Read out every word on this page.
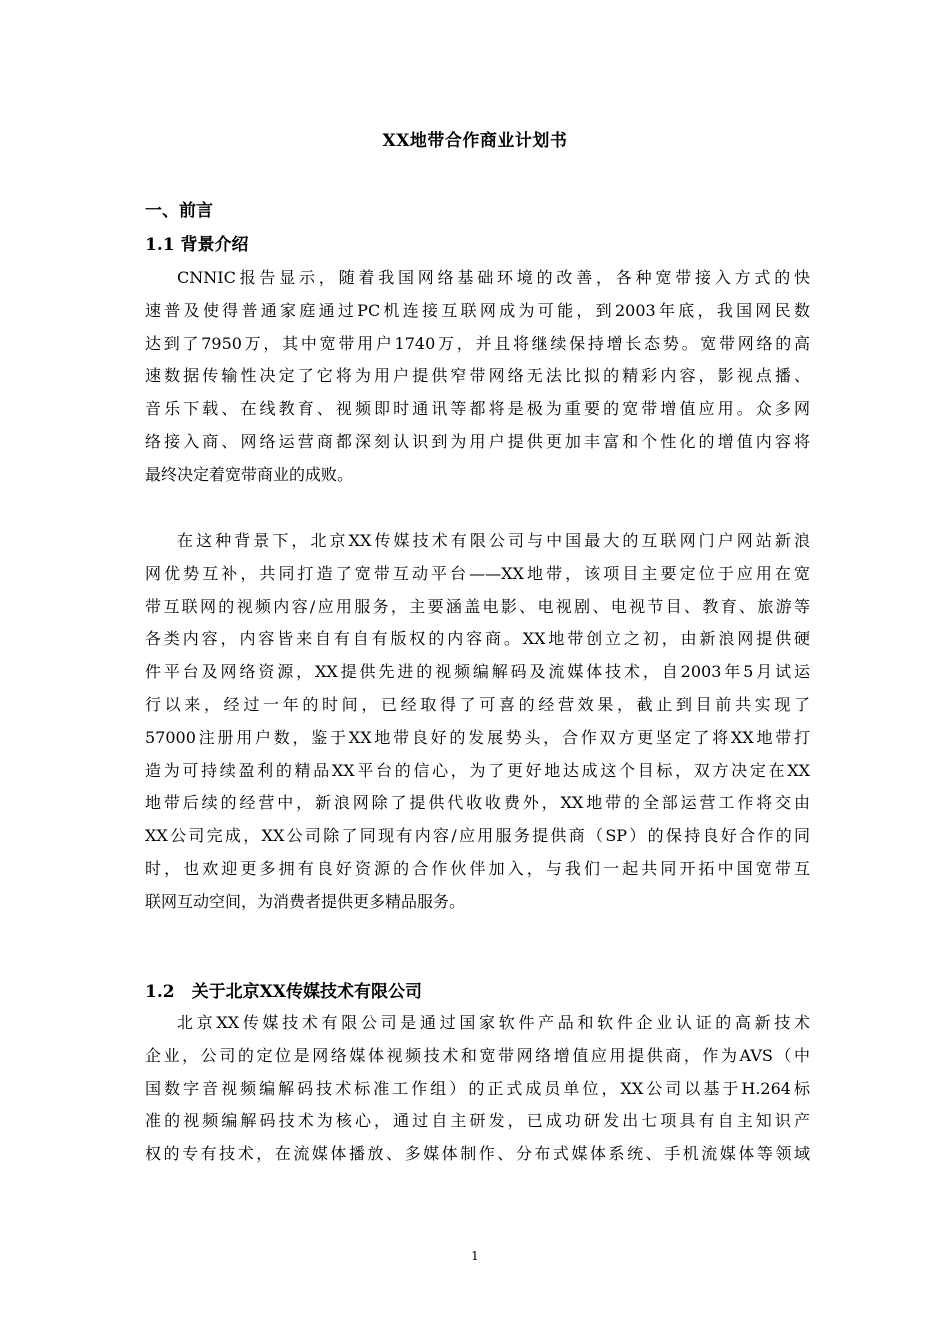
XX地带合作商业计划书
一、前言
1.1 背景介绍
CNNIC报告显示，随着我国网络基础环境的改善，各种宽带接入方式的快
速普及使得普通家庭通过PC机连接互联网成为可能，到2003年底，我国网民数
达到了7950万，其中宽带用户1740万，并且将继续保持增长态势。宽带网络的高
速数据传输性决定了它将为用户提供窄带网络无法比拟的精彩内容，影视点播、
音乐下载、在线教育、视频即时通讯等都将是极为重要的宽带增值应用。众多网
络接入商、网络运营商都深刻认识到为用户提供更加丰富和个性化的增值内容将
最终决定着宽带商业的成败。
在这种背景下，北京XX传媒技术有限公司与中国最大的互联网门户网站新浪
网优势互补，共同打造了宽带互动平台——XX地带，该项目主要定位于应用在宽
带互联网的视频内容/应用服务，主要涵盖电影、电视剧、电视节目、教育、旅游等
各类内容，内容皆来自有自有版权的内容商。XX地带创立之初，由新浪网提供硬
件平台及网络资源，XX提供先进的视频编解码及流媒体技术，自2003年5月试运
行以来，经过一年的时间，已经取得了可喜的经营效果，截止到目前共实现了
57000注册用户数，鉴于XX地带良好的发展势头，合作双方更坚定了将XX地带打
造为可持续盈利的精品XX平台的信心，为了更好地达成这个目标，双方决定在XX
地带后续的经营中，新浪网除了提供代收收费外，XX地带的全部运营工作将交由
XX公司完成，XX公司除了同现有内容/应用服务提供商（SP）的保持良好合作的同
时，也欢迎更多拥有良好资源的合作伙伴加入，与我们一起共同开拓中国宽带互
联网互动空间，为消费者提供更多精品服务。
1.2　关于北京XX传媒技术有限公司
北京XX传媒技术有限公司是通过国家软件产品和软件企业认证的高新技术
企业，公司的定位是网络媒体视频技术和宽带网络增值应用提供商，作为AVS（中
国数字音视频编解码技术标准工作组）的正式成员单位，XX公司以基于H.264标
准的视频编解码技术为核心，通过自主研发，已成功研发出七项具有自主知识产
权的专有技术，在流媒体播放、多媒体制作、分布式媒体系统、手机流媒体等领域
1
